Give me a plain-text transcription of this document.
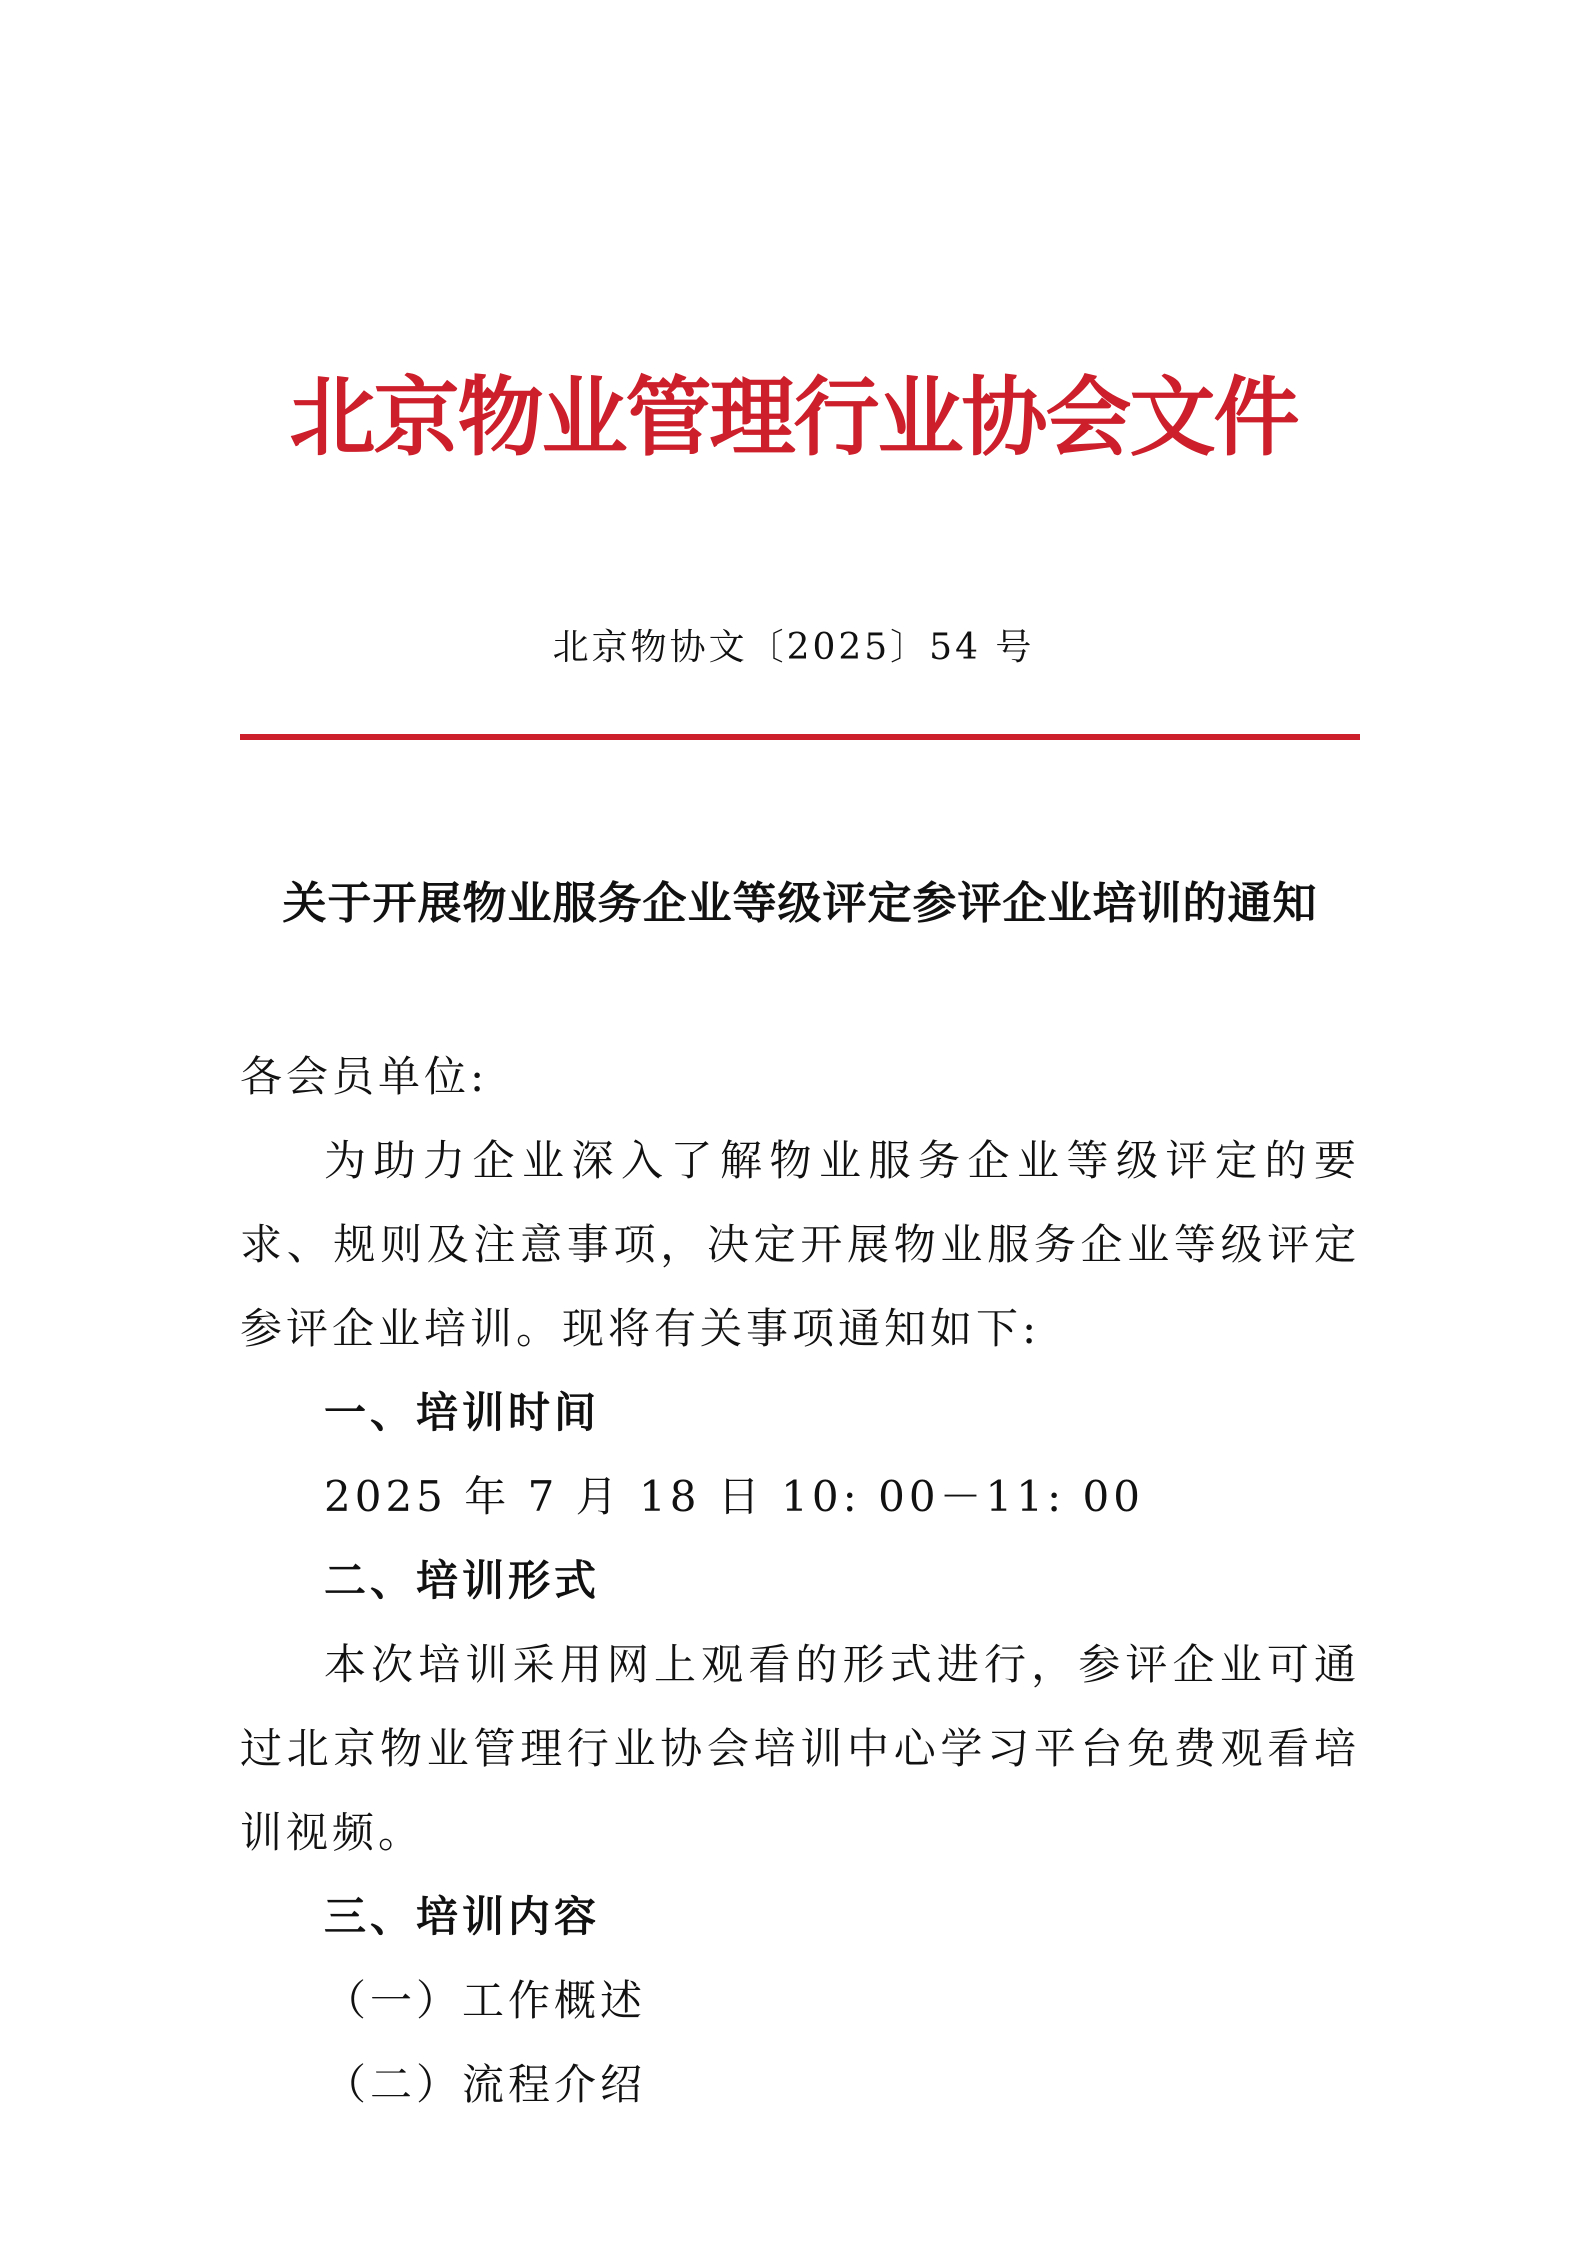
北京物业管理行业协会文件
北京物协文〔2025〕54 号
关于开展物业服务企业等级评定参评企业培训的通知

各会员单位:

为助力企业深入了解物业服务企业等级评定的要求、规则及注意事项，决定开展物业服务企业等级评定参评企业培训。现将有关事项通知如下:

一、培训时间

2025 年 7 月 18 日 10: 00－11: 00

二、培训形式

本次培训采用网上观看的形式进行，参评企业可通过北京物业管理行业协会培训中心学习平台免费观看培训视频。

三、培训内容

（一）工作概述

（二）流程介绍
